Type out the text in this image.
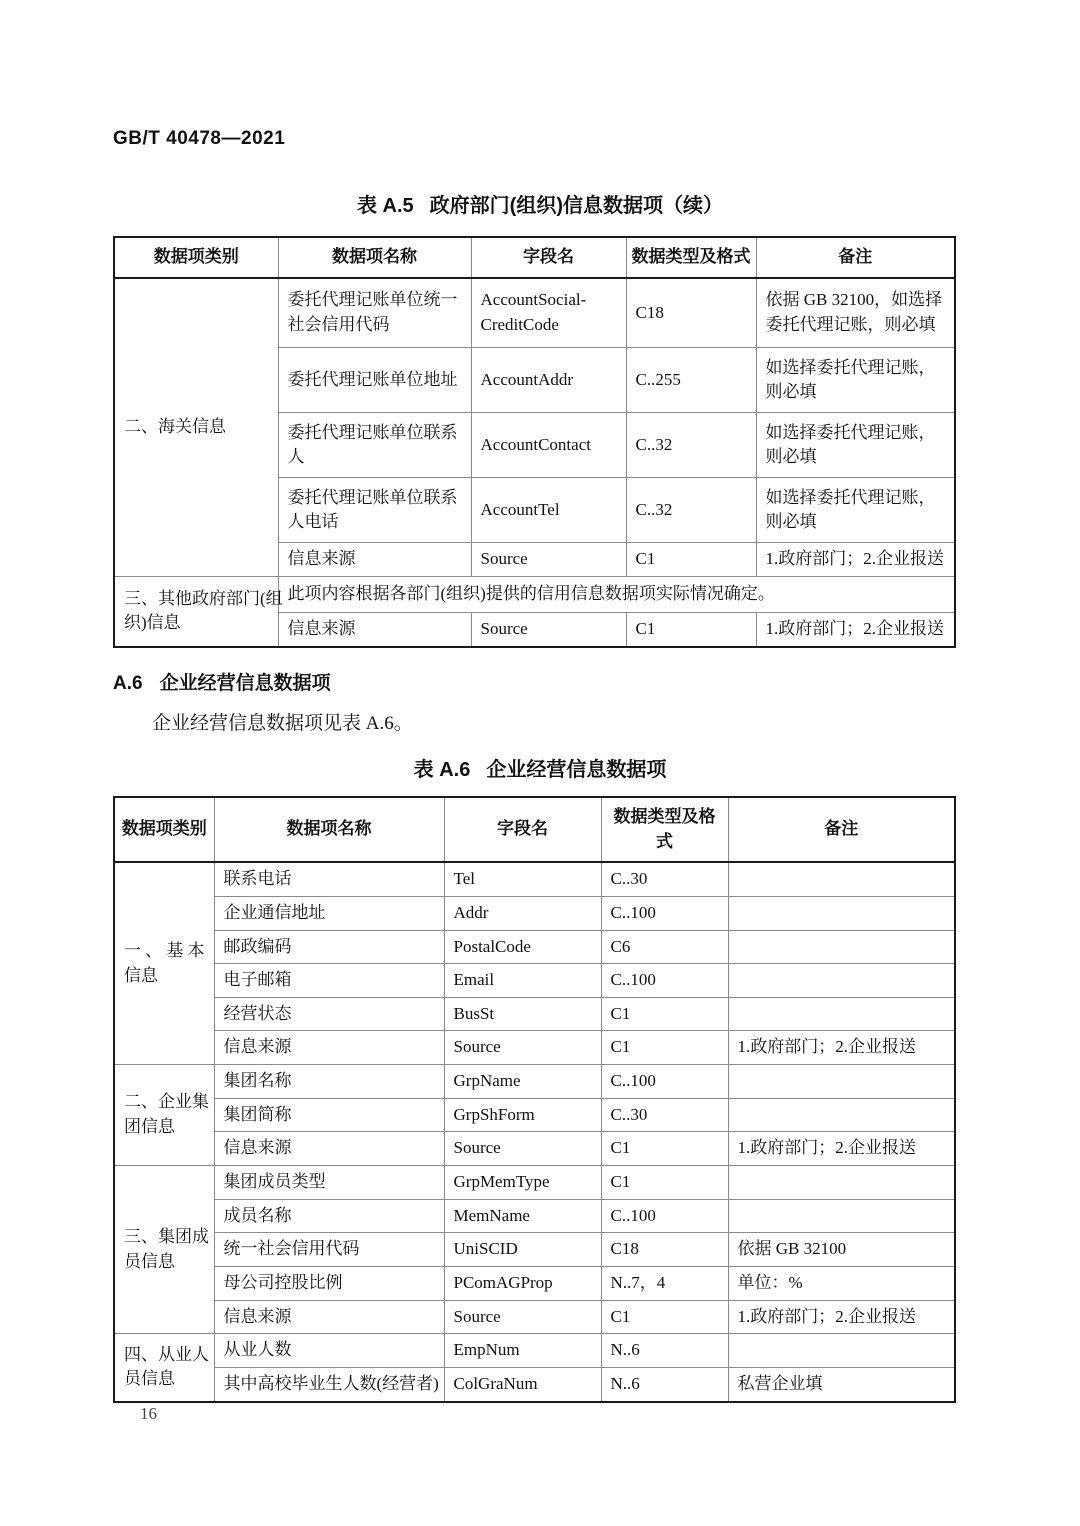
GB/T 40478—2021
表 A.5 政府部门(组织)信息数据项（续）
数据项类别	数据项名称	字段名	数据类型及格式	备注

二、海关信息	委托代理记账单位统一社会信用代码	AccountSocial-CreditCode	C18	依据 GB 32100，如选择委托代理记账，则必填
	委托代理记账单位地址	AccountAddr	C..255	如选择委托代理记账，则必填
	委托代理记账单位联系人	AccountContact	C..32	如选择委托代理记账，则必填
	委托代理记账单位联系人电话	AccountTel	C..32	如选择委托代理记账，则必填
	信息来源	Source	C1	1.政府部门；2.企业报送

三、其他政府部门(组
织)信息	此项内容根据各部门(组织)提供的信用信息数据项实际情况确定。			
	信息来源	Source	C1	1.政府部门；2.企业报送
A.6 企业经营信息数据项
企业经营信息数据项见表 A.6。
表 A.6 企业经营信息数据项
数据项类别	数据项名称	字段名	数据类型及格式	备注

一、基本
信息	联系电话	Tel	C..30	
	企业通信地址	Addr	C..100	
	邮政编码	PostalCode	C6	
	电子邮箱	Email	C..100	
	经营状态	BusSt	C1	
	信息来源	Source	C1	1.政府部门；2.企业报送

二、企业集
团信息	集团名称	GrpName	C..100	
	集团简称	GrpShForm	C..30	
	信息来源	Source	C1	1.政府部门；2.企业报送

三、集团成
员信息	集团成员类型	GrpMemType	C1	
	成员名称	MemName	C..100	
	统一社会信用代码	UniSCID	C18	依据 GB 32100
	母公司控股比例	PComAGProp	N..7，4	单位：%
	信息来源	Source	C1	1.政府部门；2.企业报送

四、从业人
员信息	从业人数	EmpNum	N..6	
	其中高校毕业生人数(经营者)	ColGraNum	N..6	私营企业填
16
